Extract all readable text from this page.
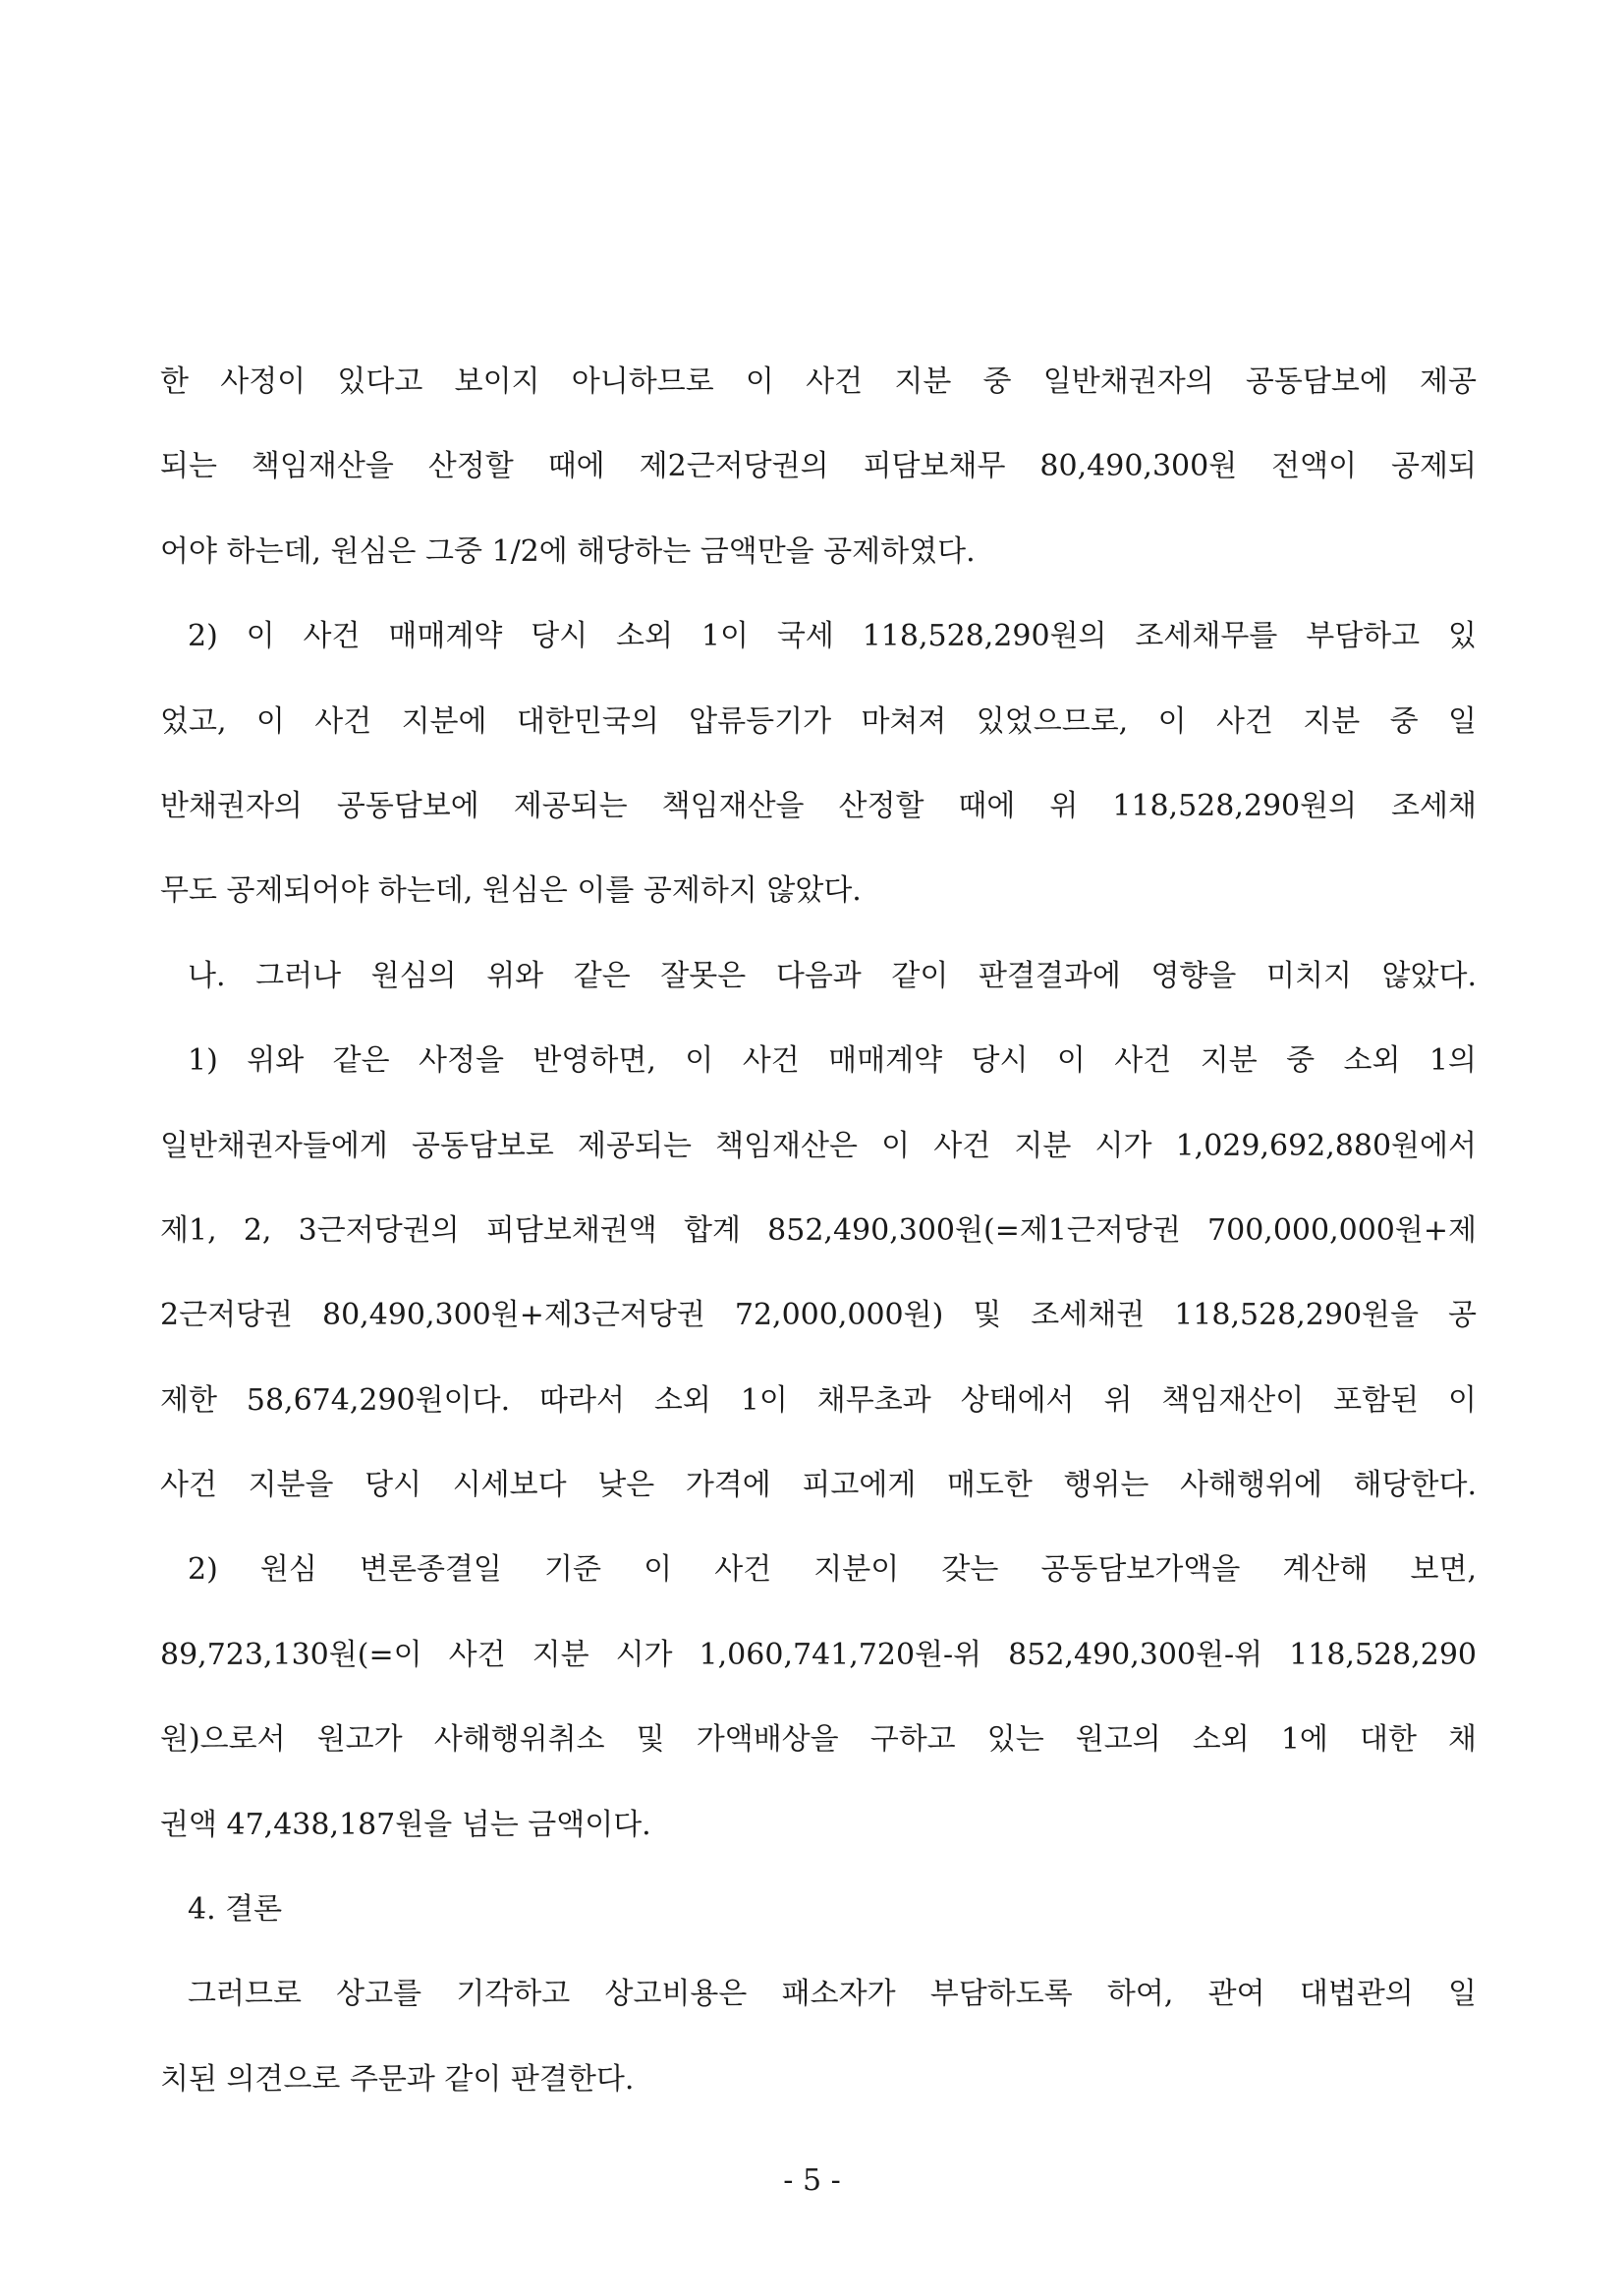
한 사정이 있다고 보이지 아니하므로 이 사건 지분 중 일반채권자의 공동담보에 제공
되는 책임재산을 산정할 때에 제2근저당권의 피담보채무 80,490,300원 전액이 공제되
어야 하는데, 원심은 그중 1/2에 해당하는 금액만을 공제하였다.
2) 이 사건 매매계약 당시 소외 1이 국세 118,528,290원의 조세채무를 부담하고 있
었고, 이 사건 지분에 대한민국의 압류등기가 마쳐져 있었으므로, 이 사건 지분 중 일
반채권자의 공동담보에 제공되는 책임재산을 산정할 때에 위 118,528,290원의 조세채
무도 공제되어야 하는데, 원심은 이를 공제하지 않았다.
나. 그러나 원심의 위와 같은 잘못은 다음과 같이 판결결과에 영향을 미치지 않았다.
1) 위와 같은 사정을 반영하면, 이 사건 매매계약 당시 이 사건 지분 중 소외 1의
일반채권자들에게 공동담보로 제공되는 책임재산은 이 사건 지분 시가 1,029,692,880원에서
제1, 2, 3근저당권의 피담보채권액 합계 852,490,300원(=제1근저당권 700,000,000원+제
2근저당권 80,490,300원+제3근저당권 72,000,000원) 및 조세채권 118,528,290원을 공
제한 58,674,290원이다. 따라서 소외 1이 채무초과 상태에서 위 책임재산이 포함된 이
사건 지분을 당시 시세보다 낮은 가격에 피고에게 매도한 행위는 사해행위에 해당한다.
2) 원심 변론종결일 기준 이 사건 지분이 갖는 공동담보가액을 계산해 보면,
89,723,130원(=이 사건 지분 시가 1,060,741,720원-위 852,490,300원-위 118,528,290
원)으로서 원고가 사해행위취소 및 가액배상을 구하고 있는 원고의 소외 1에 대한 채
권액 47,438,187원을 넘는 금액이다.
4. 결론
그러므로 상고를 기각하고 상고비용은 패소자가 부담하도록 하여, 관여 대법관의 일
치된 의견으로 주문과 같이 판결한다.
- 5 -
